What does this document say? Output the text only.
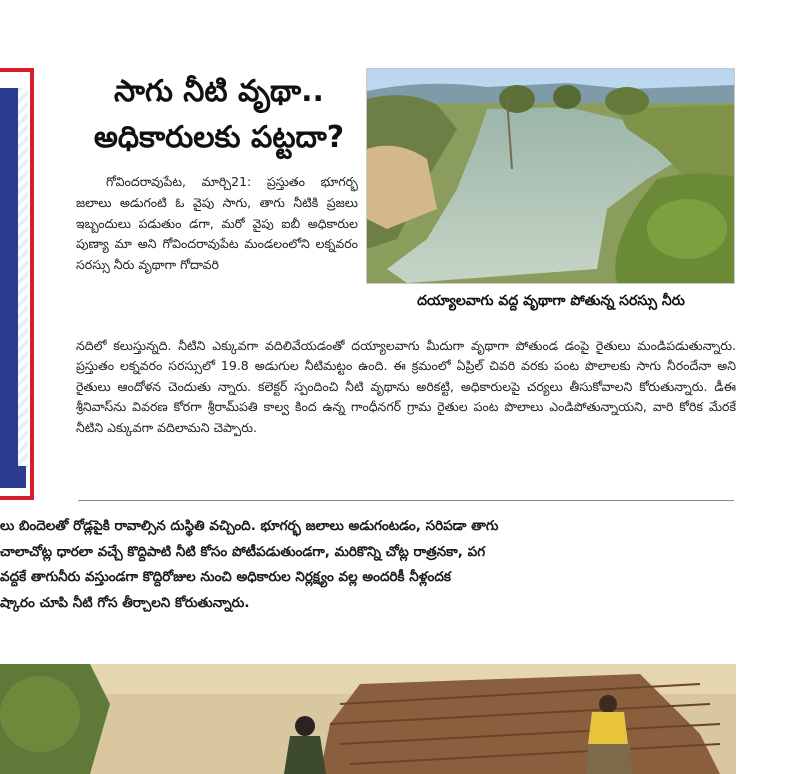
సాగు నీటి వృథా..
అధికారులకు పట్టదా?
దయ్యాలవాగు వద్ద వృథాగా పోతున్న సరస్సు నీరు

గోవిందరావుపేట, మార్చి21: ప్రస్తుతం భూగర్భ జలాలు అడుగంటి ఓ వైపు సాగు, తాగు నీటికి ప్రజలు ఇబ్బందులు పడుతుం డగా, మరో వైపు ఐబీ అధికారుల పుణ్యా మా అని గోవిందరావుపేట మండలంలోని లక్నవరం సరస్సు నీరు వృథాగా గోదావరి

నదిలో కలుస్తున్నది. నీటిని ఎక్కువగా వదిలివేయడంతో దయ్యాలవాగు మీదుగా వృథాగా పోతుండ డంపై రైతులు మండిపడుతున్నారు. ప్రస్తుతం లక్నవరం సరస్సులో 19.8 అడుగుల నీటిమట్టం ఉంది. ఈ క్రమంలో ఏప్రిల్ చివరి వరకు పంట పొలాలకు సాగు నీరందేనా అని రైతులు ఆందోళన చెందుతు న్నారు. కలెక్టర్ స్పందించి నీటి వృథాను అరికట్టి, అధికారులపై చర్యలు తీసుకోవాలని కోరుతున్నారు. డీఈ శ్రీనివాస్‌ను వివరణ కోరగా శ్రీరామ్‌పతి కాల్వ కింద ఉన్న గాంధీనగర్ గ్రామ రైతుల పంట పొలాలు ఎండిపోతున్నాయని, వారి కోరిక మేరకే నీటిని ఎక్కువగా వదిలామని చెప్పారు.

లు బిందెలతో రోడ్లపైకి రావాల్సిన దుస్థితి వచ్చింది. భూగర్భ జలాలు అడుగంటడం, సరిపడా తాగు
చాలాచోట్ల ధారలా వచ్చే కొద్దిపాటి నీటి కోసం పోటీపడుతుండగా, మరికొన్ని చోట్ల రాత్రనకా, పగ
వద్దకే తాగునీరు వస్తుండగా కొద్దిరోజుల నుంచి అధికారుల నిర్లక్ష్యం వల్ల అందరికీ నీళ్లందక
ష్కారం చూపి నీటి గోస తీర్చాలని కోరుతున్నారు.
